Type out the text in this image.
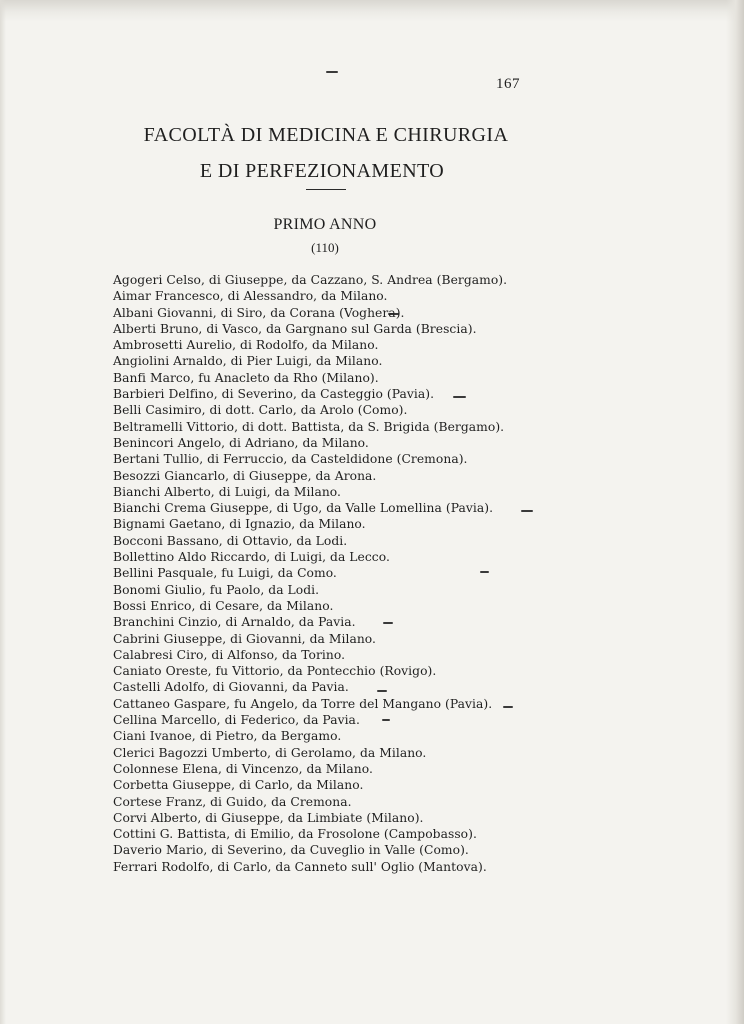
167
FACOLTÀ DI MEDICINA E CHIRURGIA
E DI PERFEZIONAMENTO
PRIMO ANNO
(110)
Agogeri Celso, di Giuseppe, da Cazzano, S. Andrea (Bergamo).
Aimar Francesco, di Alessandro, da Milano.
Albani Giovanni, di Siro, da Corana (Voghera).
Alberti Bruno, di Vasco, da Gargnano sul Garda (Brescia).
Ambrosetti Aurelio, di Rodolfo, da Milano.
Angiolini Arnaldo, di Pier Luigi, da Milano.
Banfi Marco, fu Anacleto da Rho (Milano).
Barbieri Delfino, di Severino, da Casteggio (Pavia).
Belli Casimiro, di dott. Carlo, da Arolo (Como).
Beltramelli Vittorio, di dott. Battista, da S. Brigida (Bergamo).
Benincori Angelo, di Adriano, da Milano.
Bertani Tullio, di Ferruccio, da Casteldidone (Cremona).
Besozzi Giancarlo, di Giuseppe, da Arona.
Bianchi Alberto, di Luigi, da Milano.
Bianchi Crema Giuseppe, di Ugo, da Valle Lomellina (Pavia).
Bignami Gaetano, di Ignazio, da Milano.
Bocconi Bassano, di Ottavio, da Lodi.
Bollettino Aldo Riccardo, di Luigi, da Lecco.
Bellini Pasquale, fu Luigi, da Como.
Bonomi Giulio, fu Paolo, da Lodi.
Bossi Enrico, di Cesare, da Milano.
Branchini Cinzio, di Arnaldo, da Pavia.
Cabrini Giuseppe, di Giovanni, da Milano.
Calabresi Ciro, di Alfonso, da Torino.
Caniato Oreste, fu Vittorio, da Pontecchio (Rovigo).
Castelli Adolfo, di Giovanni, da Pavia.
Cattaneo Gaspare, fu Angelo, da Torre del Mangano (Pavia).
Cellina Marcello, di Federico, da Pavia.
Ciani Ivanoe, di Pietro, da Bergamo.
Clerici Bagozzi Umberto, di Gerolamo, da Milano.
Colonnese Elena, di Vincenzo, da Milano.
Corbetta Giuseppe, di Carlo, da Milano.
Cortese Franz, di Guido, da Cremona.
Corvi Alberto, di Giuseppe, da Limbiate (Milano).
Cottini G. Battista, di Emilio, da Frosolone (Campobasso).
Daverio Mario, di Severino, da Cuveglio in Valle (Como).
Ferrari Rodolfo, di Carlo, da Canneto sull' Oglio (Mantova).
